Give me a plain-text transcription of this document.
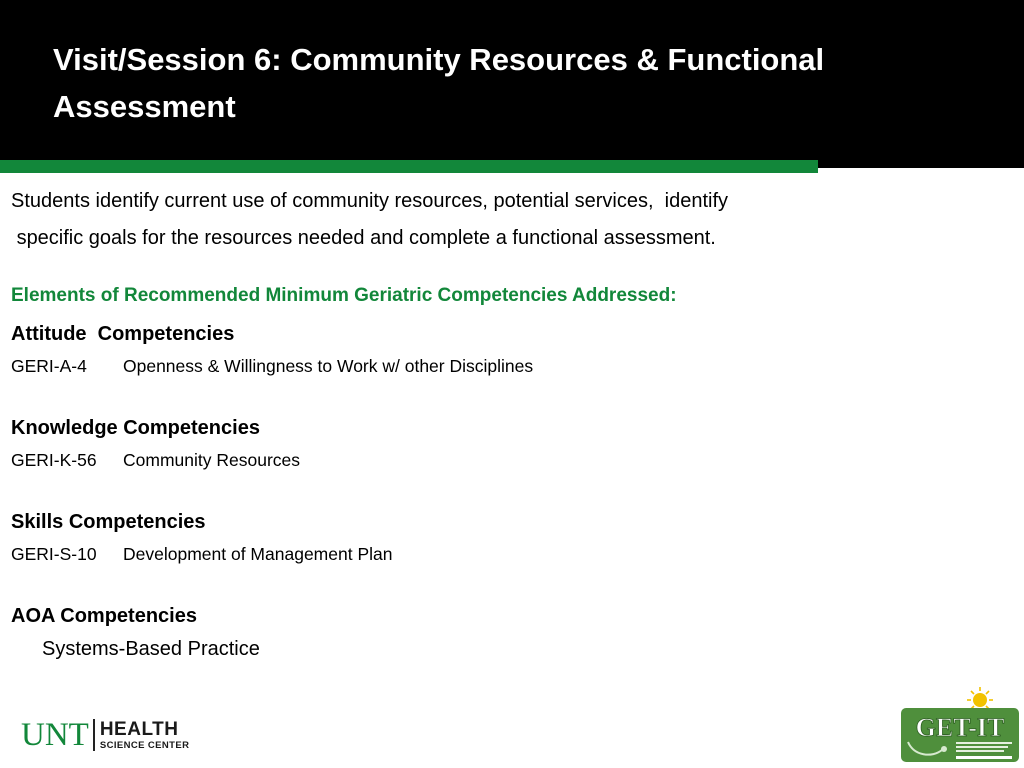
Visit/Session 6: Community Resources & Functional Assessment

Students identify current use of community resources, potential services,  identify
specific goals for the resources needed and complete a functional assessment.

Elements of Recommended Minimum Geriatric Competencies Addressed:

Attitude  Competencies

GERI-A-4 Openness & Willingness to Work w/ other Disciplines

Knowledge Competencies

GERI-K-56 Community Resources

Skills Competencies

GERI-S-10 Development of Management Plan

AOA Competencies

Systems-Based Practice

UNT HEALTH
SCIENCE CENTER
GET-IT
